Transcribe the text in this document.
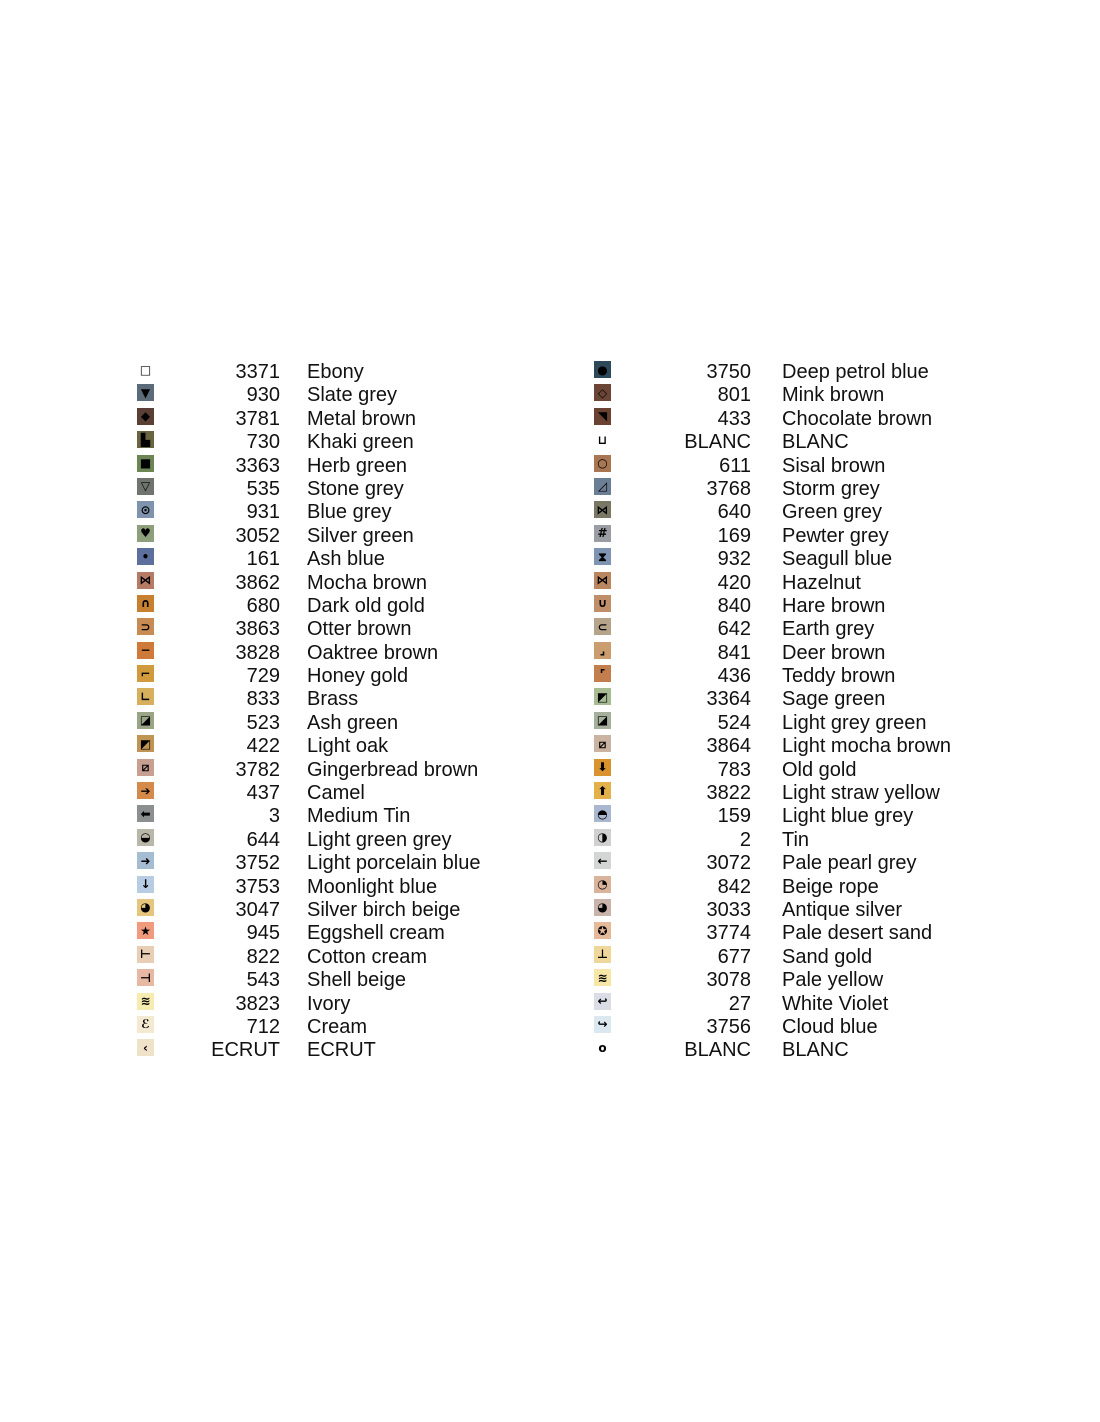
□	3371 Ebony
▼	930 Slate grey
◆	3781 Metal brown
▙	730 Khaki green
■	3363 Herb green
▽	535 Stone grey
⊙	931 Blue grey
♥	3052 Silver green
•	161 Ash blue
⋈	3862 Mocha brown
∩	680 Dark old gold
⊃	3863 Otter brown
−	3828 Oaktree brown
⌐	729 Honey gold
∟	833 Brass
◪	523 Ash green
◩	422 Light oak
⧄	3782 Gingerbread brown
➔	437 Camel
⬅	3 Medium Tin
◒	644 Light green grey
➜	3752 Light porcelain blue
↓	3753 Moonlight blue
◕	3047 Silver birch beige
★	945 Eggshell cream
⊢	822 Cotton cream
⊣	543 Shell beige
≋	3823 Ivory
ℰ	712 Cream
‹	ECRUT ECRUT
●	3750 Deep petrol blue
◇	801 Mink brown
◥	433 Chocolate brown
⊔	BLANC BLANC
○	611 Sisal brown
◿	3768 Storm grey
⋈	640 Green grey
#	169 Pewter grey
⧗	932 Seagull blue
⋈	420 Hazelnut
∪	840 Hare brown
⊂	642 Earth grey
⌟	841 Deer brown
⌜	436 Teddy brown
◩	3364 Sage green
◪	524 Light grey green
⧄	3864 Light mocha brown
⬇	783 Old gold
⬆	3822 Light straw yellow
◓	159 Light blue grey
◑	2 Tin
←	3072 Pale pearl grey
◔	842 Beige rope
◕	3033 Antique silver
✪	3774 Pale desert sand
⊥	677 Sand gold
≋	3078 Pale yellow
↩	27 White Violet
↪	3756 Cloud blue
o	BLANC BLANC
